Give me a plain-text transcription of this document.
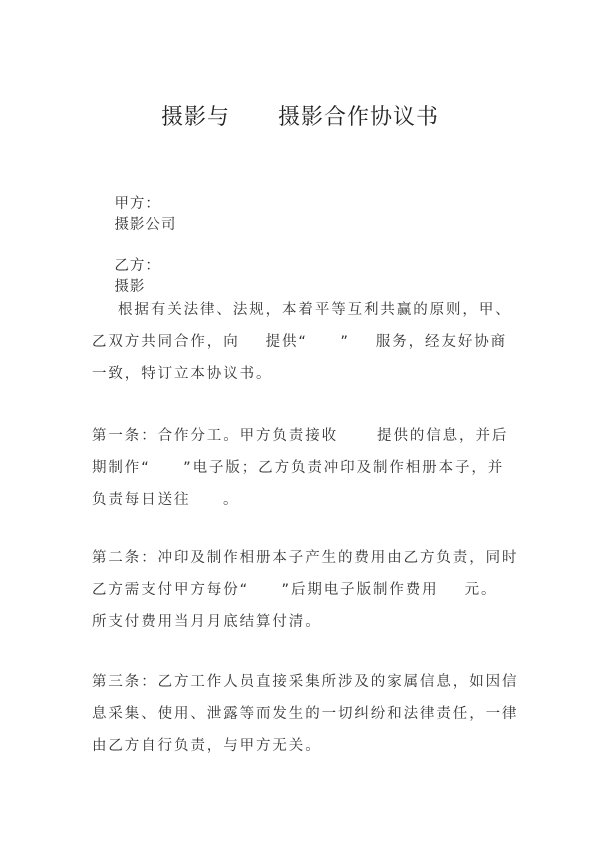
摄影与      摄影合作协议书

甲方：
摄影公司

乙方：
摄影

根据有关法律、法规，本着平等互利共赢的原则，甲、
乙双方共同合作，向    提供“     ”    服务，经友好协商
一致，特订立本协议书。
第一条：合作分工。甲方负责接收      提供的信息，并后
期制作“     ”电子版；乙方负责冲印及制作相册本子，并
负责每日送往     。
第二条：冲印及制作相册本子产生的费用由乙方负责，同时
乙方需支付甲方每份“     ”后期电子版制作费用    元。
所支付费用当月月底结算付清。
第三条：乙方工作人员直接采集所涉及的家属信息，如因信
息采集、使用、泄露等而发生的一切纠纷和法律责任，一律
由乙方自行负责，与甲方无关。
